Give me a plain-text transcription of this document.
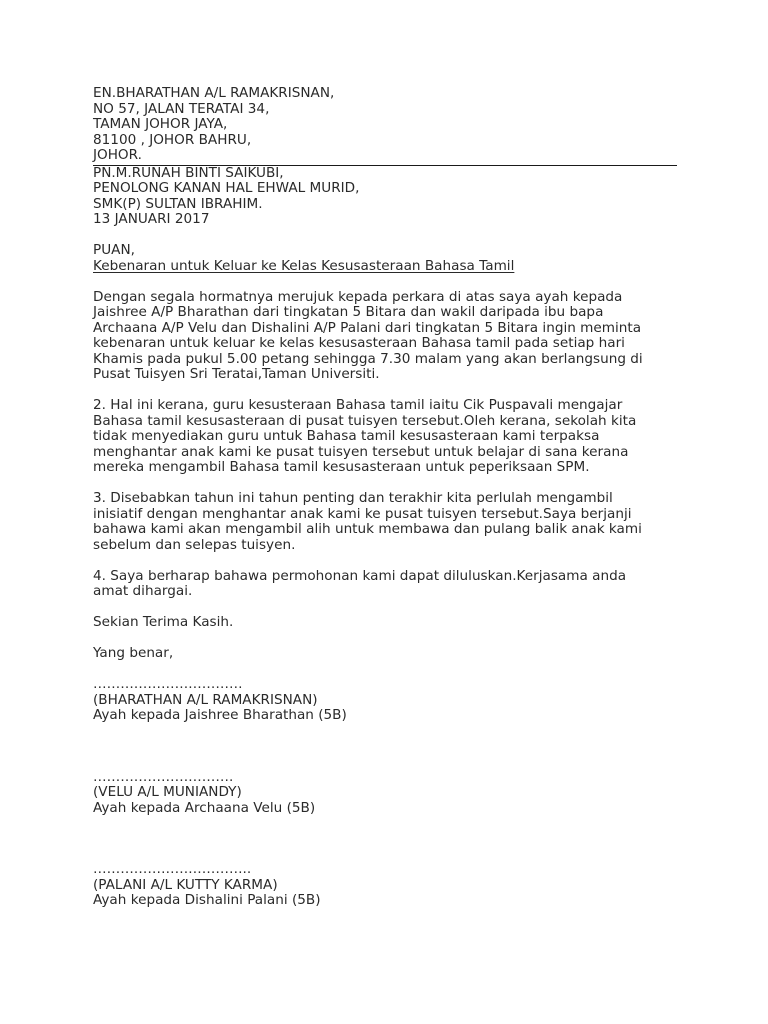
EN.BHARATHAN A/L RAMAKRISNAN,
NO 57, JALAN TERATAI 34,
TAMAN JOHOR JAYA,
81100 , JOHOR BAHRU,
JOHOR.
PN.M.RUNAH BINTI SAIKUBI,
PENOLONG KANAN HAL EHWAL MURID,
SMK(P) SULTAN IBRAHIM.
13 JANUARI 2017
PUAN,
Kebenaran untuk Keluar ke Kelas Kesusasteraan Bahasa Tamil
Dengan segala hormatnya merujuk kepada perkara di atas saya ayah kepada
Jaishree A/P Bharathan dari tingkatan 5 Bitara dan wakil daripada ibu bapa
Archaana A/P Velu dan Dishalini A/P Palani dari tingkatan 5 Bitara ingin meminta
kebenaran untuk keluar ke kelas kesusasteraan Bahasa tamil pada setiap hari
Khamis pada pukul 5.00 petang sehingga 7.30 malam yang akan berlangsung di
Pusat Tuisyen Sri Teratai,Taman Universiti.
2. Hal ini kerana, guru kesusteraan Bahasa tamil iaitu Cik Puspavali mengajar
Bahasa tamil kesusasteraan di pusat tuisyen tersebut.Oleh kerana, sekolah kita
tidak menyediakan guru untuk Bahasa tamil kesusasteraan kami terpaksa
menghantar anak kami ke pusat tuisyen tersebut untuk belajar di sana kerana
mereka mengambil Bahasa tamil kesusasteraan untuk peperiksaan SPM.
3. Disebabkan tahun ini tahun penting dan terakhir kita perlulah mengambil
inisiatif dengan menghantar anak kami ke pusat tuisyen tersebut.Saya berjanji
bahawa kami akan mengambil alih untuk membawa dan pulang balik anak kami
sebelum dan selepas tuisyen.
4. Saya berharap bahawa permohonan kami dapat diluluskan.Kerjasama anda
amat dihargai.
Sekian Terima Kasih.
Yang benar,
……………………………
(BHARATHAN A/L RAMAKRISNAN)
Ayah kepada Jaishree Bharathan (5B)
………………………….
(VELU A/L MUNIANDY)
Ayah kepada Archaana Velu (5B)
……………………………..
(PALANI A/L KUTTY KARMA)
Ayah kepada Dishalini Palani (5B)
